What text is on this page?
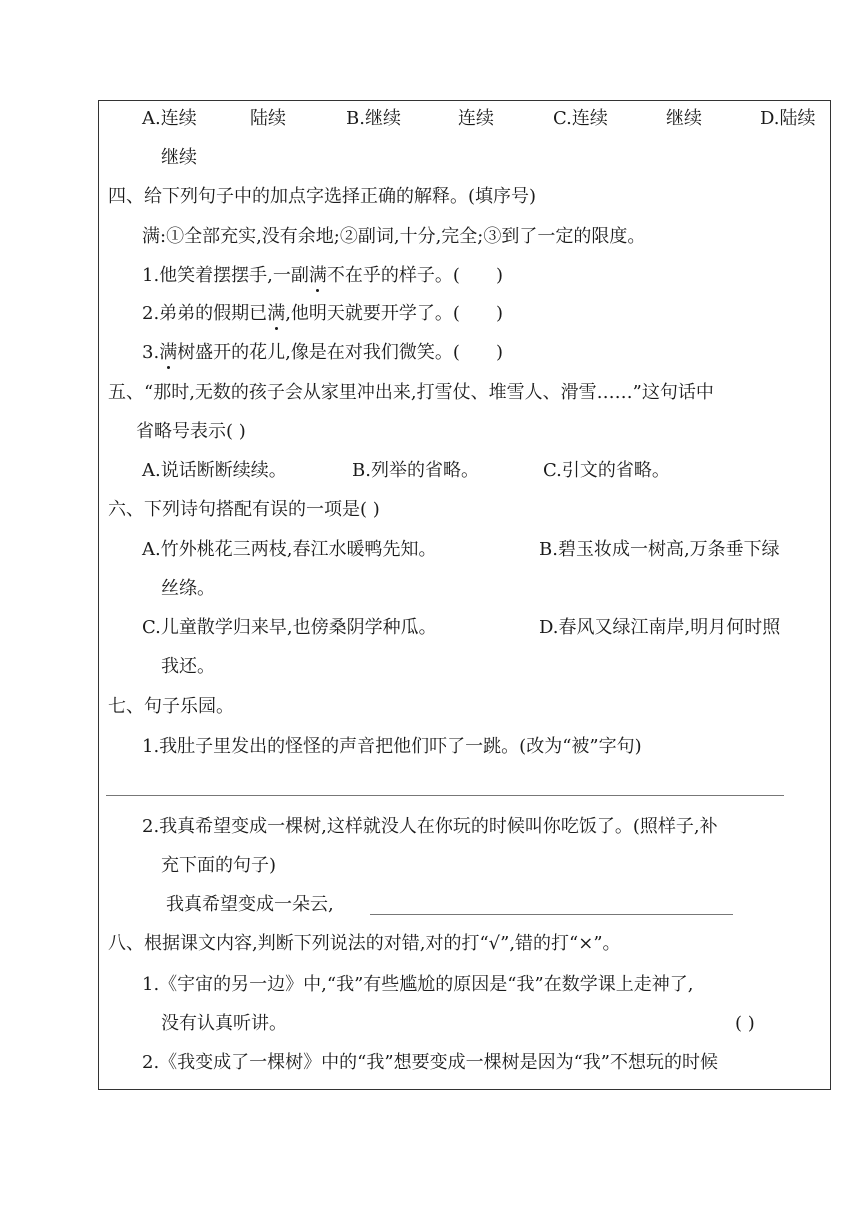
A.连续	陆续	B.继续	连续	C.连续	继续	D.陆续
继续
四、给下列句子中的加点字选择正确的解释。(填序号)
满:①全部充实,没有余地;②副词,十分,完全;③到了一定的限度。
1.他笑着摆摆手,一副满不在乎的样子。( )
2.弟弟的假期已满,他明天就要开学了。( )
3.满树盛开的花儿,像是在对我们微笑。( )
五、“那时,无数的孩子会从家里冲出来,打雪仗、堆雪人、滑雪……”这句话中
省略号表示( )
A.说话断断续续。	B.列举的省略。	C.引文的省略。
六、下列诗句搭配有误的一项是( )
A.竹外桃花三两枝,春江水暖鸭先知。	B.碧玉妆成一树高,万条垂下绿
丝绦。
C.儿童散学归来早,也傍桑阴学种瓜。	D.春风又绿江南岸,明月何时照
我还。
七、句子乐园。
1.我肚子里发出的怪怪的声音把他们吓了一跳。(改为“被”字句)
2.我真希望变成一棵树,这样就没人在你玩的时候叫你吃饭了。(照样子,补
充下面的句子)
我真希望变成一朵云,
八、根据课文内容,判断下列说法的对错,对的打“√”,错的打“×”。
1.《宇宙的另一边》中,“我”有些尴尬的原因是“我”在数学课上走神了,
没有认真听讲。	( )
2.《我变成了一棵树》中的“我”想要变成一棵树是因为“我”不想玩的时候
